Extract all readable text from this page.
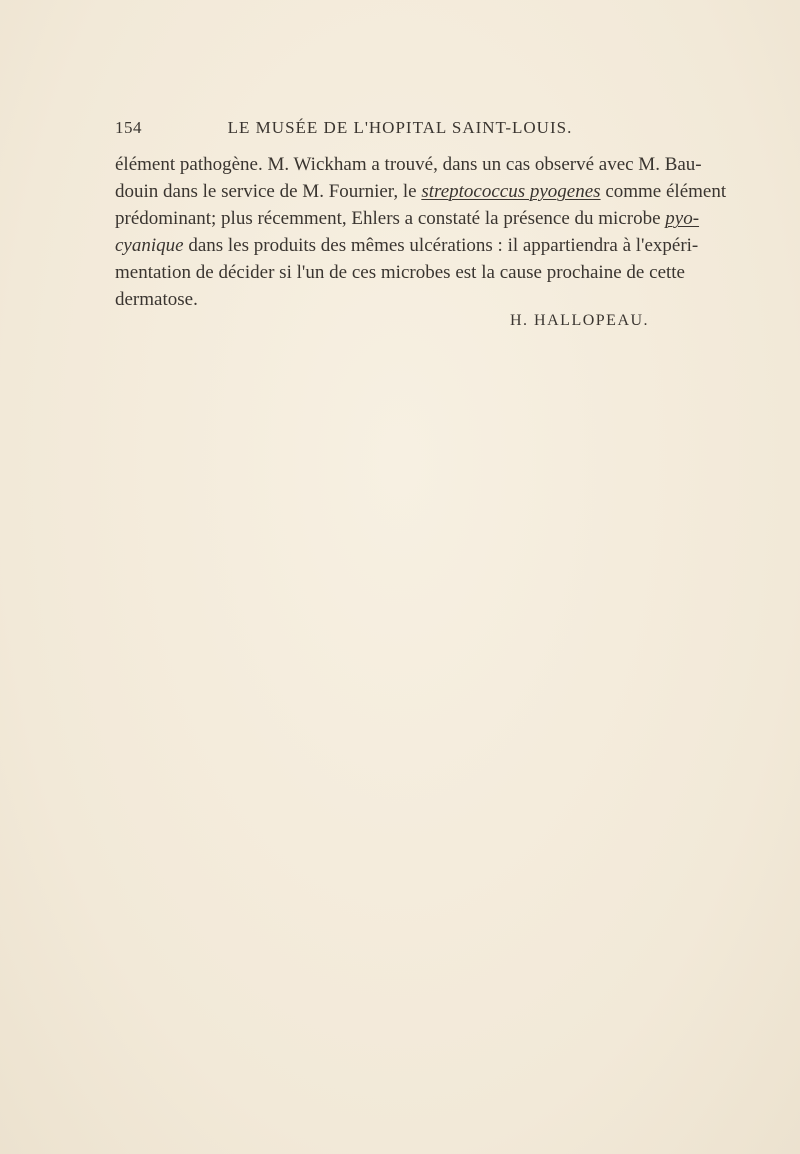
154	LE MUSÉE DE L'HOPITAL SAINT-LOUIS.
élément pathogène. M. Wickham a trouvé, dans un cas observé avec M. Bau-
douin dans le service de M. Fournier, le streptococcus pyogenes comme élément
prédominant; plus récemment, Ehlers a constaté la présence du microbe pyo-
cyanique dans les produits des mêmes ulcérations : il appartiendra à l'expéri-
mentation de décider si l'un de ces microbes est la cause prochaine de cette
dermatose.
H. HALLOPEAU.
